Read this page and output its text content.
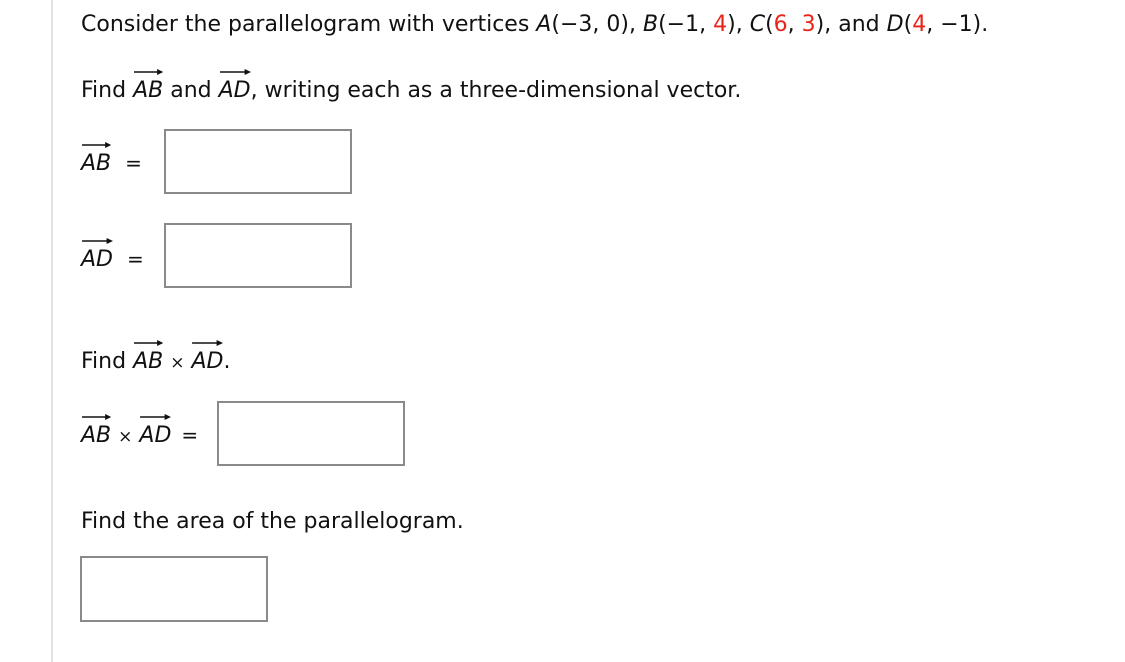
Consider the parallelogram with vertices A(−3, 0), B(−1, 4), C(6, 3), and D(4, −1).
Find
AB and
AD, writing each as a three-dimensional vector.
AB =
AD =
Find
AB × AD.
AB × AD =
Find the area of the parallelogram.
